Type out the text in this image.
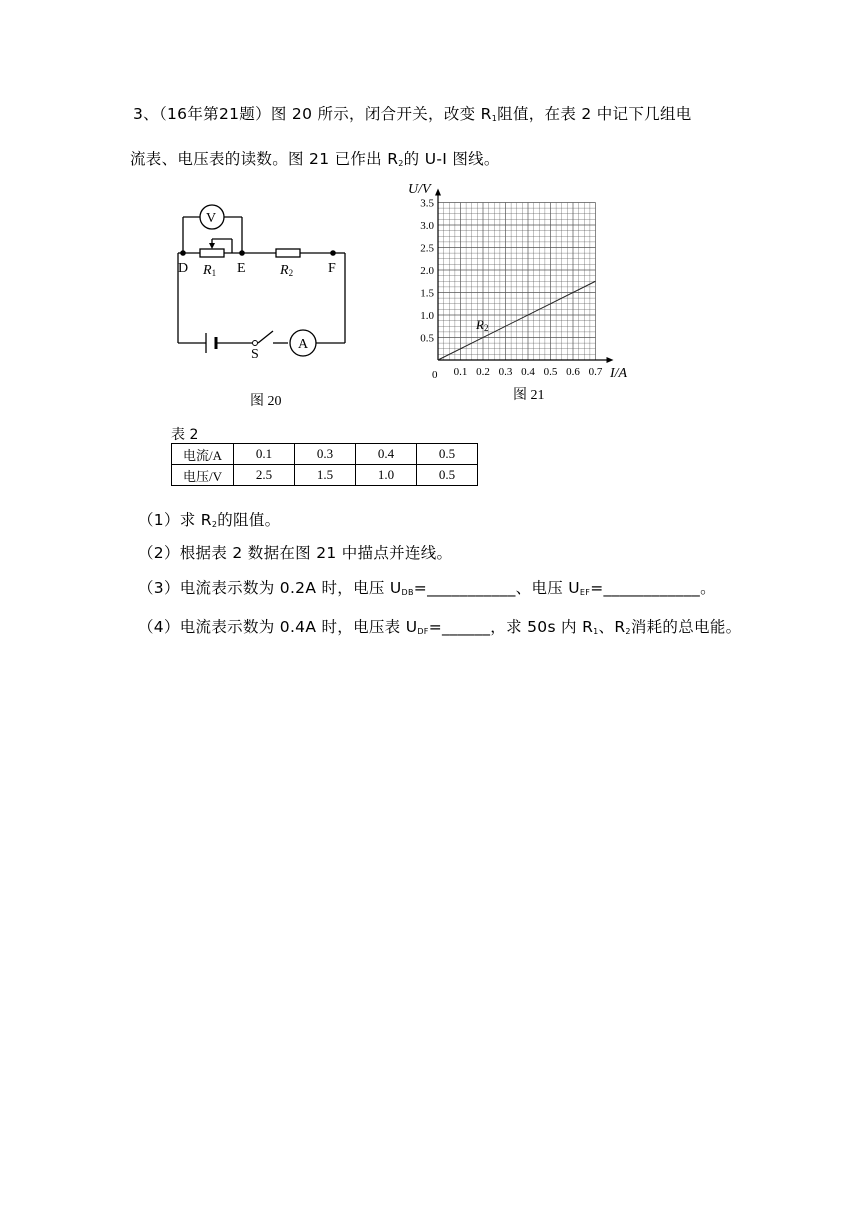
3、（16年第21题）图 20 所示，闭合开关，改变 $R_1$阻值，在表 2 中记下几组电
流表、电压表的读数。图 21 已作出 $R_2$的 U-I 图线。
V
A
D	E	F
S
R1	R2
图 20
0.1 0.2 0.3 0.4 0.5 0.6 0.7
0.5
1.0
1.5
2.0
2.5
3.0
3.5
0
U/V
I/A
R2
图 21
表 2
电流/A	0.1	0.3	0.4	0.5
电压/V	2.5	1.5	1.0	0.5
（1）求 $R_2$的阻值。
（2）根据表 2 数据在图 21 中描点并连线。
（3）电流表示数为 0.2A 时，电压 $U_{DB}=\_\_\_\_\_\_\_\_\_\_\_$、电压 $U_{EF}=\_\_\_\_\_\_\_\_\_\_\_\_$。
（4）电流表示数为 0.4A 时，电压表 $U_{DF}=\_\_\_\_\_\_$，求 50s 内 $R_1$、$R_2$消耗的总电能。
